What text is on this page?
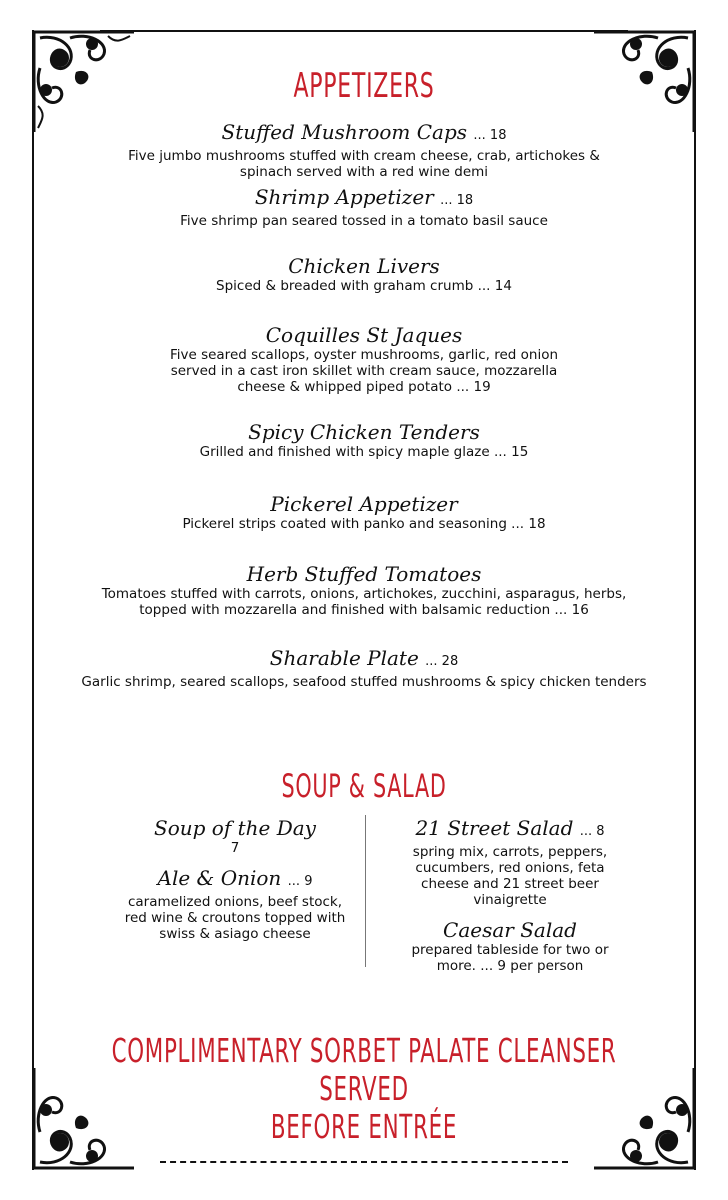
APPETIZERS
Stuffed Mushroom Caps ... 18
Five jumbo mushrooms stuffed with cream cheese, crab, artichokes & spinach served with a red wine demi
Shrimp Appetizer ... 18
Five shrimp pan seared tossed in a tomato basil sauce
Chicken Livers
Spiced & breaded with graham crumb ... 14
Coquilles St Jaques
Five seared scallops, oyster mushrooms, garlic, red onion served in a cast iron skillet with cream sauce, mozzarella cheese & whipped piped potato ... 19
Spicy Chicken Tenders
Grilled and finished with spicy maple glaze ... 15
Pickerel Appetizer
Pickerel strips coated with panko and seasoning ... 18
Herb Stuffed Tomatoes
Tomatoes stuffed with carrots, onions, artichokes, zucchini, asparagus, herbs, topped with mozzarella and finished with balsamic reduction ... 16
Sharable Plate ... 28
Garlic shrimp, seared scallops, seafood stuffed mushrooms & spicy chicken tenders
SOUP & SALAD
Soup of the Day
7
Ale & Onion ... 9
caramelized onions, beef stock, red wine & croutons topped with swiss & asiago cheese
21 Street Salad ... 8
spring mix, carrots, peppers, cucumbers, red onions, feta cheese and 21 street beer vinaigrette
Caesar Salad
prepared tableside for two or more. ... 9 per person
COMPLIMENTARY SORBET PALATE CLEANSER SERVED
BEFORE ENTRÉE
